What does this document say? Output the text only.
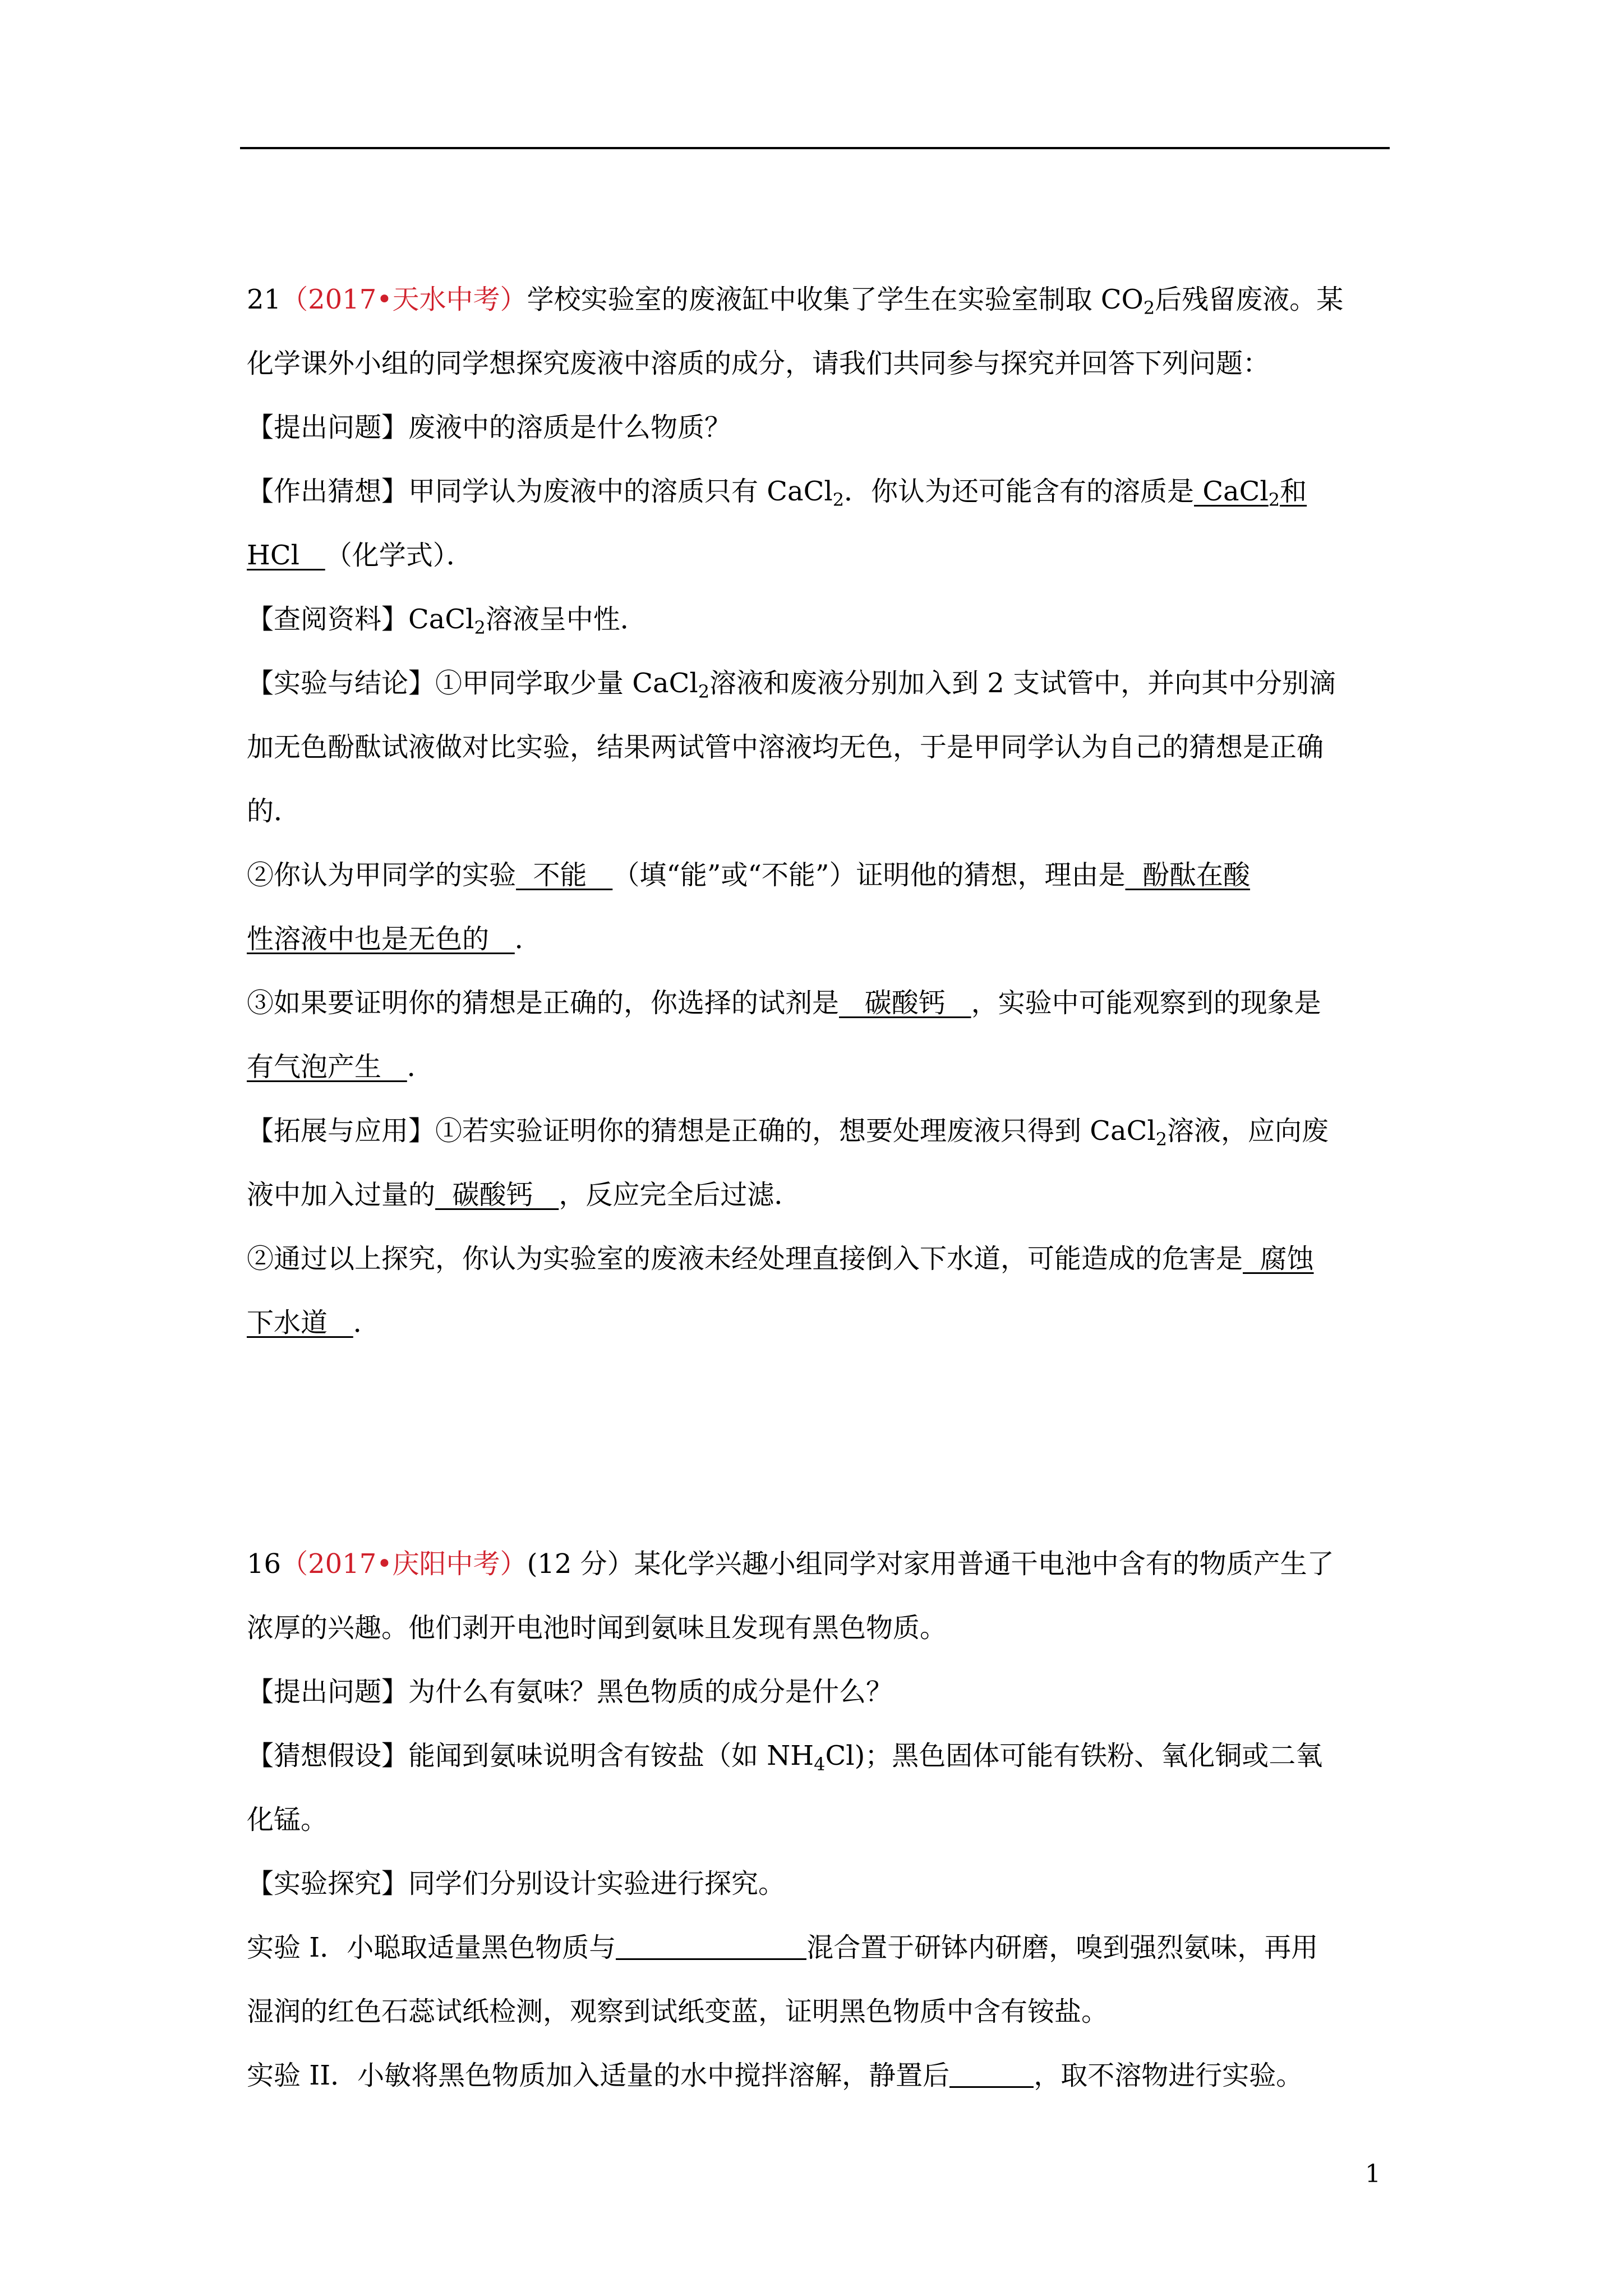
21（2017•天水中考）学校实验室的废液缸中收集了学生在实验室制取 $CO_2$后残留废液。某
化学课外小组的同学想探究废液中溶质的成分，请我们共同参与探究并回答下列问题：
【提出问题】废液中的溶质是什么物质？
【作出猜想】甲同学认为废液中的溶质只有 CaCl$_2$．你认为还可能含有的溶质是 CaCl$_2$和
HCl   （化学式）．
【查阅资料】CaCl$_2$溶液呈中性．
【实验与结论】①甲同学取少量 CaCl$_2$溶液和废液分别加入到 2 支试管中，并向其中分别滴
加无色酚酞试液做对比实验，结果两试管中溶液均无色，于是甲同学认为自己的猜想是正确
的．
②你认为甲同学的实验  不能   （填“能”或“不能”）证明他的猜想，理由是  酚酞在酸
性溶液中也是无色的   ．
③如果要证明你的猜想是正确的，你选择的试剂是   碳酸钙   ，实验中可能观察到的现象是
有气泡产生   ．
【拓展与应用】①若实验证明你的猜想是正确的，想要处理废液只得到 CaCl$_2$溶液，应向废
液中加入过量的  碳酸钙   ，反应完全后过滤．
②通过以上探究，你认为实验室的废液未经处理直接倒入下水道，可能造成的危害是  腐蚀
下水道   ．
16（2017•庆阳中考）(12 分）某化学兴趣小组同学对家用普通干电池中含有的物质产生了
浓厚的兴趣。他们剥开电池时闻到氨味且发现有黑色物质。
【提出问题】为什么有氨味？黑色物质的成分是什么？
【猜想假设】能闻到氨味说明含有铵盐（如 $NH_4Cl$)；黑色固体可能有铁粉、氧化铜或二氧
化锰。
【实验探究】同学们分别设计实验进行探究。
实验 I．小聪取适量黑色物质与	混合置于研钵内研磨，嗅到强烈氨味，再用
湿润的红色石蕊试纸检测，观察到试纸变蓝，证明黑色物质中含有铵盐。
实验 II．小敏将黑色物质加入适量的水中搅拌溶解，静置后	，取不溶物进行实验。
1
